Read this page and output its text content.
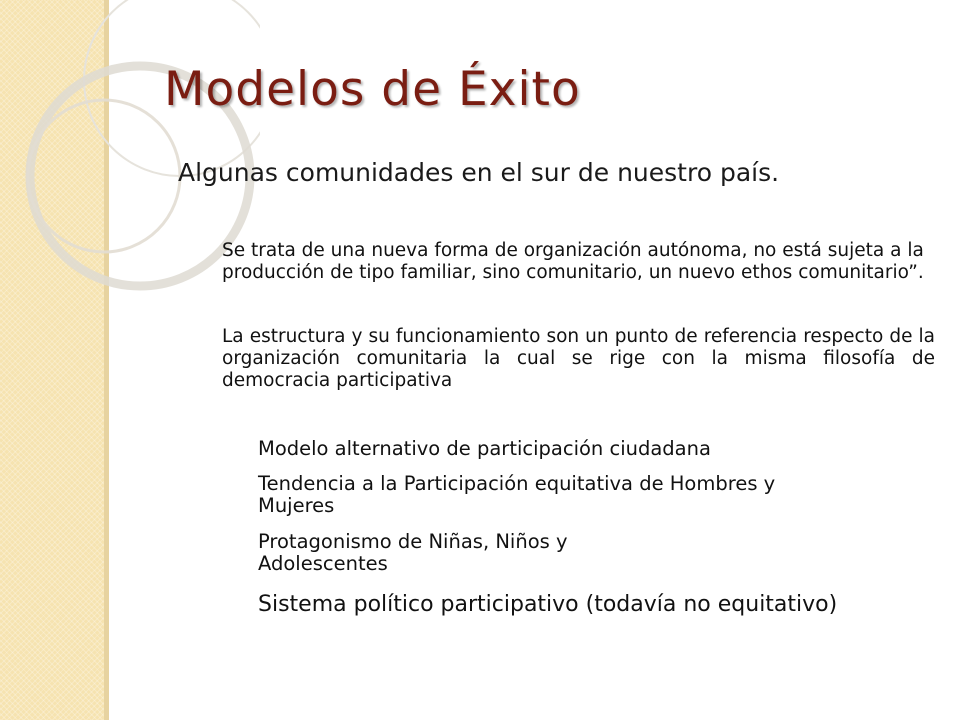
Modelos de Éxito
Algunas comunidades en el sur de nuestro país.

Se trata de una nueva forma de organización autónoma, no está sujeta a la producción de tipo familiar, sino comunitario, un nuevo ethos comunitario”.

La estructura y su funcionamiento son un punto de referencia respecto de la organización comunitaria la cual se rige con la misma filosofía de democracia participativa

Modelo alternativo de participación ciudadana

Tendencia a la Participación equitativa de Hombres y Mujeres

Protagonismo de Niñas, Niños y Adolescentes

Sistema político participativo (todavía no equitativo)
